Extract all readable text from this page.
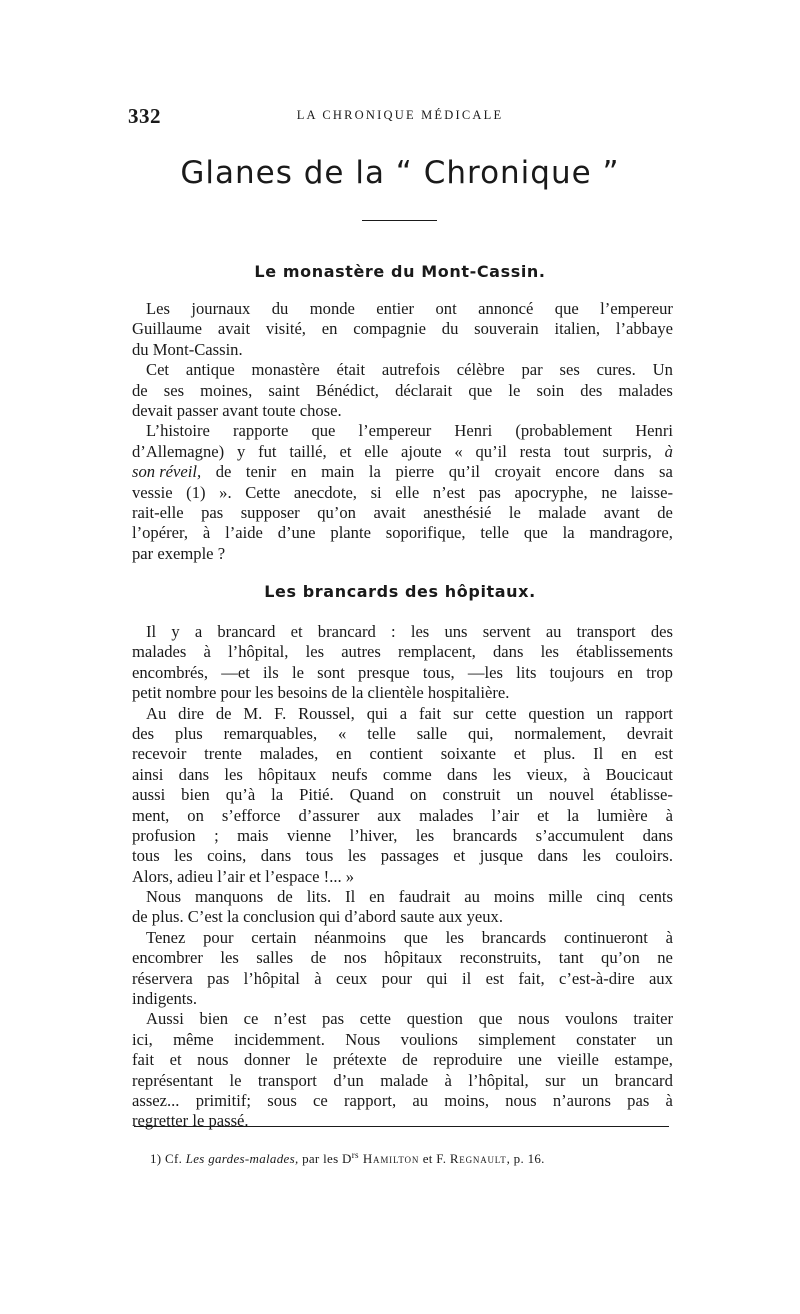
332	LA CHRONIQUE MÉDICALE
Glanes de la “ Chronique ”
Le monastère du Mont-Cassin.
Les journaux du monde entier ont annoncé que l’empereur
Guillaume avait visité, en compagnie du souverain italien, l’abbaye
du Mont-Cassin.
Cet antique monastère était autrefois célèbre par ses cures. Un
de ses moines, saint Bénédict, déclarait que le soin des malades
devait passer avant toute chose.
L’histoire rapporte que l’empereur Henri (probablement Henri
d’Allemagne) y fut taillé, et elle ajoute « qu’il resta tout surpris, à
son réveil, de tenir en main la pierre qu’il croyait encore dans sa
vessie (1) ». Cette anecdote, si elle n’est pas apocryphe, ne laisse-
rait-elle pas supposer qu’on avait anesthésié le malade avant de
l’opérer, à l’aide d’une plante soporifique, telle que la mandragore,
par exemple ?
Les brancards des hôpitaux.
Il y a brancard et brancard : les uns servent au transport des
malades à l’hôpital, les autres remplacent, dans les établissements
encombrés, —et ils le sont presque tous, —les lits toujours en trop
petit nombre pour les besoins de la clientèle hospitalière.
Au dire de M. F. Roussel, qui a fait sur cette question un rapport
des plus remarquables, « telle salle qui, normalement, devrait
recevoir trente malades, en contient soixante et plus. Il en est
ainsi dans les hôpitaux neufs comme dans les vieux, à Boucicaut
aussi bien qu’à la Pitié. Quand on construit un nouvel établisse-
ment, on s’efforce d’assurer aux malades l’air et la lumière à
profusion ; mais vienne l’hiver, les brancards s’accumulent dans
tous les coins, dans tous les passages et jusque dans les couloirs.
Alors, adieu l’air et l’espace !... »
Nous manquons de lits. Il en faudrait au moins mille cinq cents
de plus. C’est la conclusion qui d’abord saute aux yeux.
Tenez pour certain néanmoins que les brancards continueront à
encombrer les salles de nos hôpitaux reconstruits, tant qu’on ne
réservera pas l’hôpital à ceux pour qui il est fait, c’est-à-dire aux
indigents.
Aussi bien ce n’est pas cette question que nous voulons traiter
ici, même incidemment. Nous voulions simplement constater un
fait et nous donner le prétexte de reproduire une vieille estampe,
représentant le transport d’un malade à l’hôpital, sur un brancard
assez... primitif; sous ce rapport, au moins, nous n’aurons pas à
regretter le passé.
1) Cf. Les gardes-malades, par les $D^{rs}$ Hamilton et F. Regnault, p. 16.
